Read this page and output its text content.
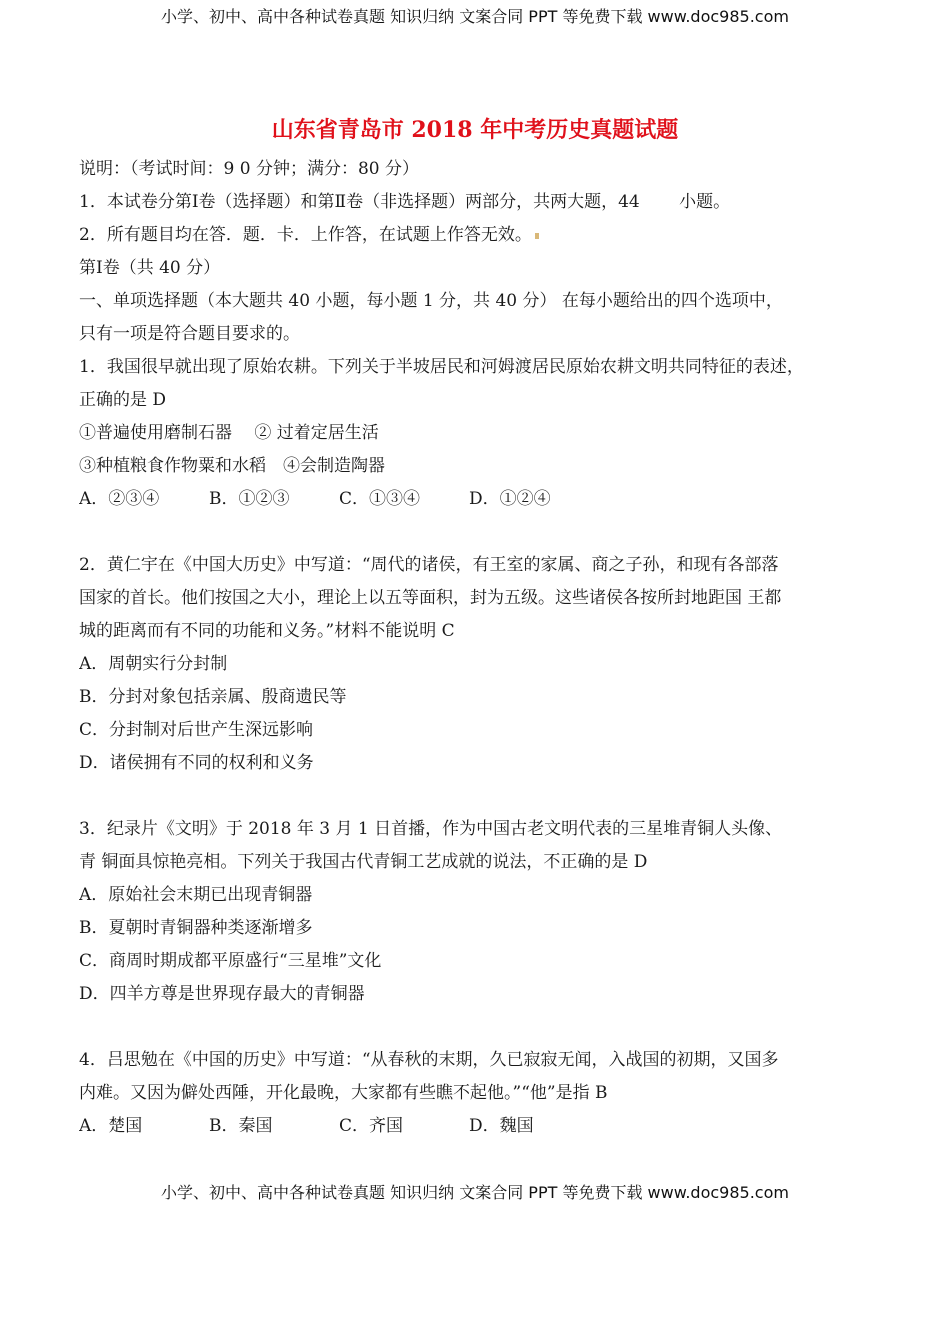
小学、初中、高中各种试卷真题 知识归纳 文案合同 PPT 等免费下载 www.doc985.com
山东省青岛市 2018 年中考历史真题试题
说明：（考试时间：9 0 分钟；满分：80 分）
1．本试卷分第Ⅰ卷（选择题）和第Ⅱ卷（非选择题）两部分，共两大题，44　　 小题。
2．所有题目均在答．题．卡．上作答，在试题上作答无效。
第Ⅰ卷（共 40 分）
一、单项选择题（本大题共 40 小题，每小题 1 分，共 40 分） 在每小题给出的四个选项中，
只有一项是符合题目要求的。
1．我国很早就出现了原始农耕。下列关于半坡居民和河姆渡居民原始农耕文明共同特征的表述，
正确的是 D
①普遍使用磨制石器　 ② 过着定居生活
③种植粮食作物粟和水稻　④会制造陶器
A．②③④	B．①②③	C．①③④	D．①②④
2．黄仁宇在《中国大历史》中写道：“周代的诸侯，有王室的家属、商之子孙，和现有各部落
国家的首长。他们按国之大小，理论上以五等面积，封为五级。这些诸侯各按所封地距国 王都
城的距离而有不同的功能和义务。”材料不能说明 C
A．周朝实行分封制
B．分封对象包括亲属、殷商遗民等
C．分封制对后世产生深远影响
D．诸侯拥有不同的权利和义务
3．纪录片《文明》于 2018 年 3 月 1 日首播，作为中国古老文明代表的三星堆青铜人头像、
青 铜面具惊艳亮相。下列关于我国古代青铜工艺成就的说法，不正确的是 D
A．原始社会末期已出现青铜器
B．夏朝时青铜器种类逐渐增多
C．商周时期成都平原盛行“三星堆”文化
D．四羊方尊是世界现存最大的青铜器
4．吕思勉在《中国的历史》中写道：“从春秋的末期，久已寂寂无闻，入战国的初期，又国多
内难。又因为僻处西陲，开化最晚，大家都有些瞧不起他。”“他”是指 B
A．楚国	B．秦国	C．齐国	D．魏国
小学、初中、高中各种试卷真题 知识归纳 文案合同 PPT 等免费下载 www.doc985.com
